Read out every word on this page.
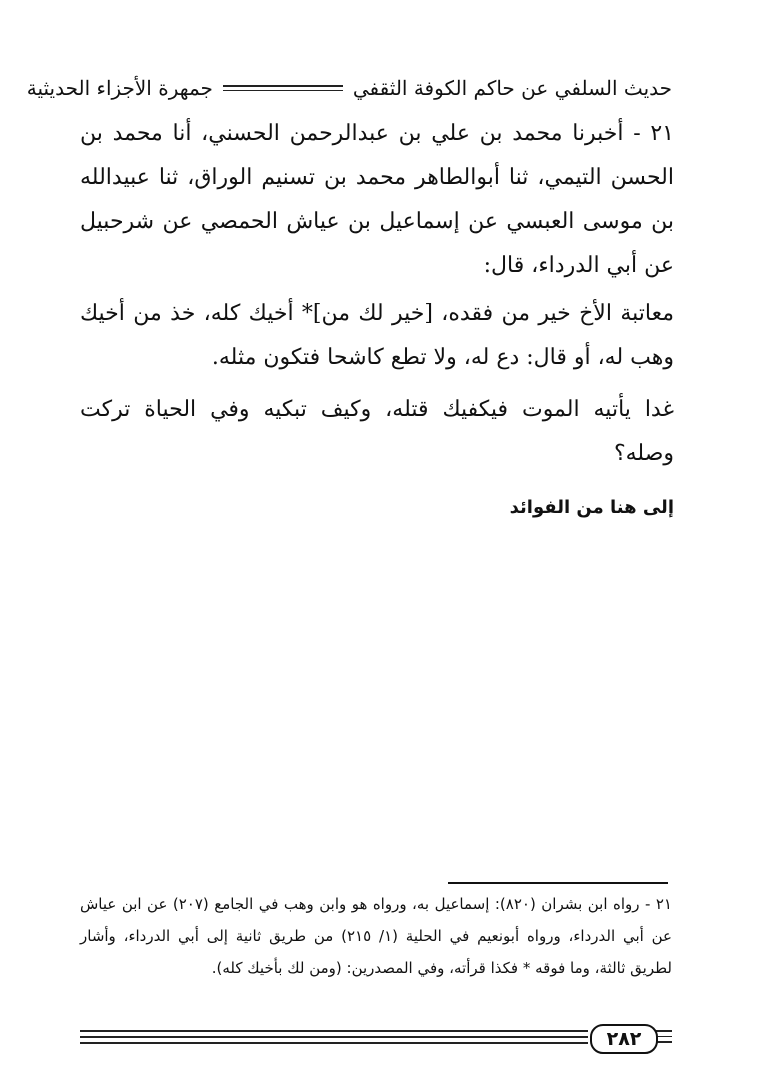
حديث السلفي عن حاكم الكوفة الثقفي
جمهرة الأجزاء الحديثية

٢١ - أخبرنا محمد بن علي بن عبدالرحمن الحسني، أنا محمد بن الحسن التيمي، ثنا أبوالطاهر محمد بن تسنيم الوراق، ثنا عبيدالله بن موسى العبسي عن إسماعيل بن عياش الحمصي عن شرحبيل عن أبي الدرداء، قال:

معاتبة الأخ خير من فقده، [خير لك من]* أخيك كله، خذ من أخيك وهب له، أو قال: دع له، ولا تطع كاشحا فتكون مثله.

غدا يأتيه الموت فيكفيك قتله، وكيف تبكيه وفي الحياة تركت وصله؟

إلى هنا من الفوائد

٢١ - رواه ابن بشران (٨٢٠): إسماعيل به، ورواه هو وابن وهب في الجامع (٢٠٧) عن ابن عياش عن أبي الدرداء، ورواه أبونعيم في الحلية (١/ ٢١٥) من طريق ثانية إلى أبي الدرداء، وأشار لطريق ثالثة، وما فوقه * فكذا قرأته، وفي المصدرين: (ومن لك بأخيك كله).

٢٨٢
